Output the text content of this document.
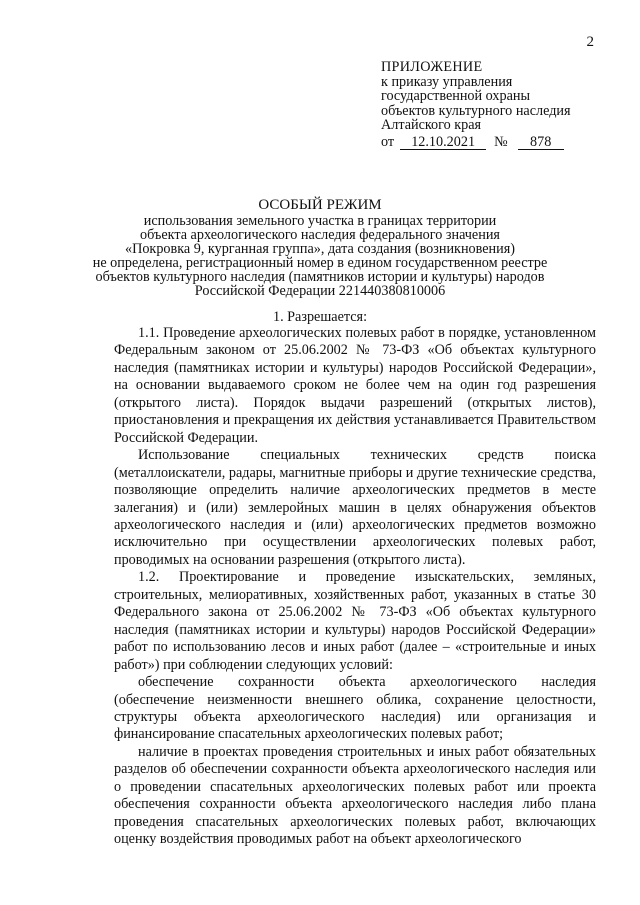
2
ПРИЛОЖЕНИЕ
к приказу управления
государственной охраны
объектов культурного наследия
Алтайского края
от 12.10.2021 № 878
ОСОБЫЙ РЕЖИМ
использования земельного участка в границах территории
объекта археологического наследия федерального значения
«Покровка 9, курганная группа», дата создания (возникновения)
не определена, регистрационный номер в едином государственном реестре
объектов культурного наследия (памятников истории и культуры) народов
Российской Федерации 221440380810006
1. Разрешается:

1.1. Проведение археологических полевых работ в порядке, установленном Федеральным законом от 25.06.2002 № 73-ФЗ «Об объектах культурного наследия (памятниках истории и культуры) народов Российской Федерации», на основании выдаваемого сроком не более чем на один год разрешения (открытого листа). Порядок выдачи разрешений (открытых листов), приостановления и прекращения их действия устанавливается Правительством Российской Федерации.

Использование специальных технических средств поиска (металлоискатели, радары, магнитные приборы и другие технические средства, позволяющие определить наличие археологических предметов в месте залегания) и (или) землеройных машин в целях обнаружения объектов археологического наследия и (или) археологических предметов возможно исключительно при осуществлении археологических полевых работ, проводимых на основании разрешения (открытого листа).

1.2. Проектирование и проведение изыскательских, земляных, строительных, мелиоративных, хозяйственных работ, указанных в статье 30 Федерального закона от 25.06.2002 № 73-ФЗ «Об объектах культурного наследия (памятниках истории и культуры) народов Российской Федерации» работ по использованию лесов и иных работ (далее – «строительные и иных работ») при соблюдении следующих условий:

обеспечение сохранности объекта археологического наследия (обеспечение неизменности внешнего облика, сохранение целостности, структуры объекта археологического наследия) или организация и финансирование спасательных археологических полевых работ;

наличие в проектах проведения строительных и иных работ обязательных разделов об обеспечении сохранности объекта археологического наследия или о проведении спасательных археологических полевых работ или проекта обеспечения сохранности объекта археологического наследия либо плана проведения спасательных археологических полевых работ, включающих оценку воздействия проводимых работ на объект археологического
